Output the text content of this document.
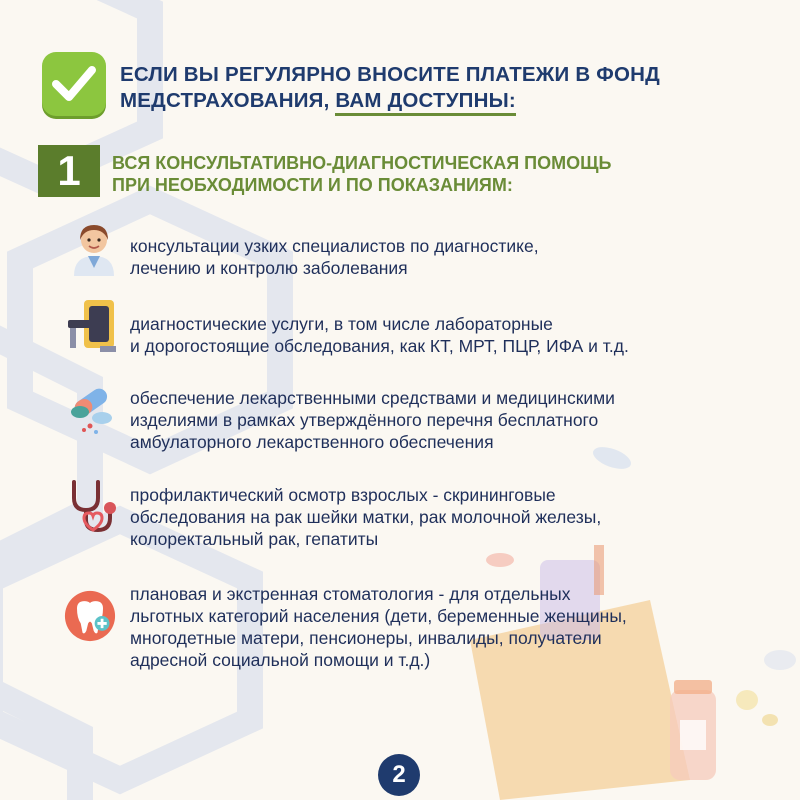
ЕСЛИ ВЫ РЕГУЛЯРНО ВНОСИТЕ ПЛАТЕЖИ В ФОНД
МЕДСТРАХОВАНИЯ, ВАМ ДОСТУПНЫ:
1	ВСЯ КОНСУЛЬТАТИВНО-ДИАГНОСТИЧЕСКАЯ ПОМОЩЬ
ПРИ НЕОБХОДИМОСТИ И ПО ПОКАЗАНИЯМ:
консультации узких специалистов по диагностике,
лечению и контролю заболевания
диагностические услуги, в том числе лабораторные
и дорогостоящие обследования, как КТ, МРТ, ПЦР, ИФА и т.д.
обеспечение лекарственными средствами и медицинскими
изделиями в рамках утверждённого перечня бесплатного
амбулаторного лекарственного обеспечения
профилактический осмотр взрослых - скрининговые
обследования на рак шейки матки, рак молочной железы,
колоректальный рак, гепатиты
плановая и экстренная стоматология - для отдельных
льготных категорий населения (дети, беременные женщины,
многодетные матери, пенсионеры, инвалиды, получатели
адресной социальной помощи и т.д.)
2
